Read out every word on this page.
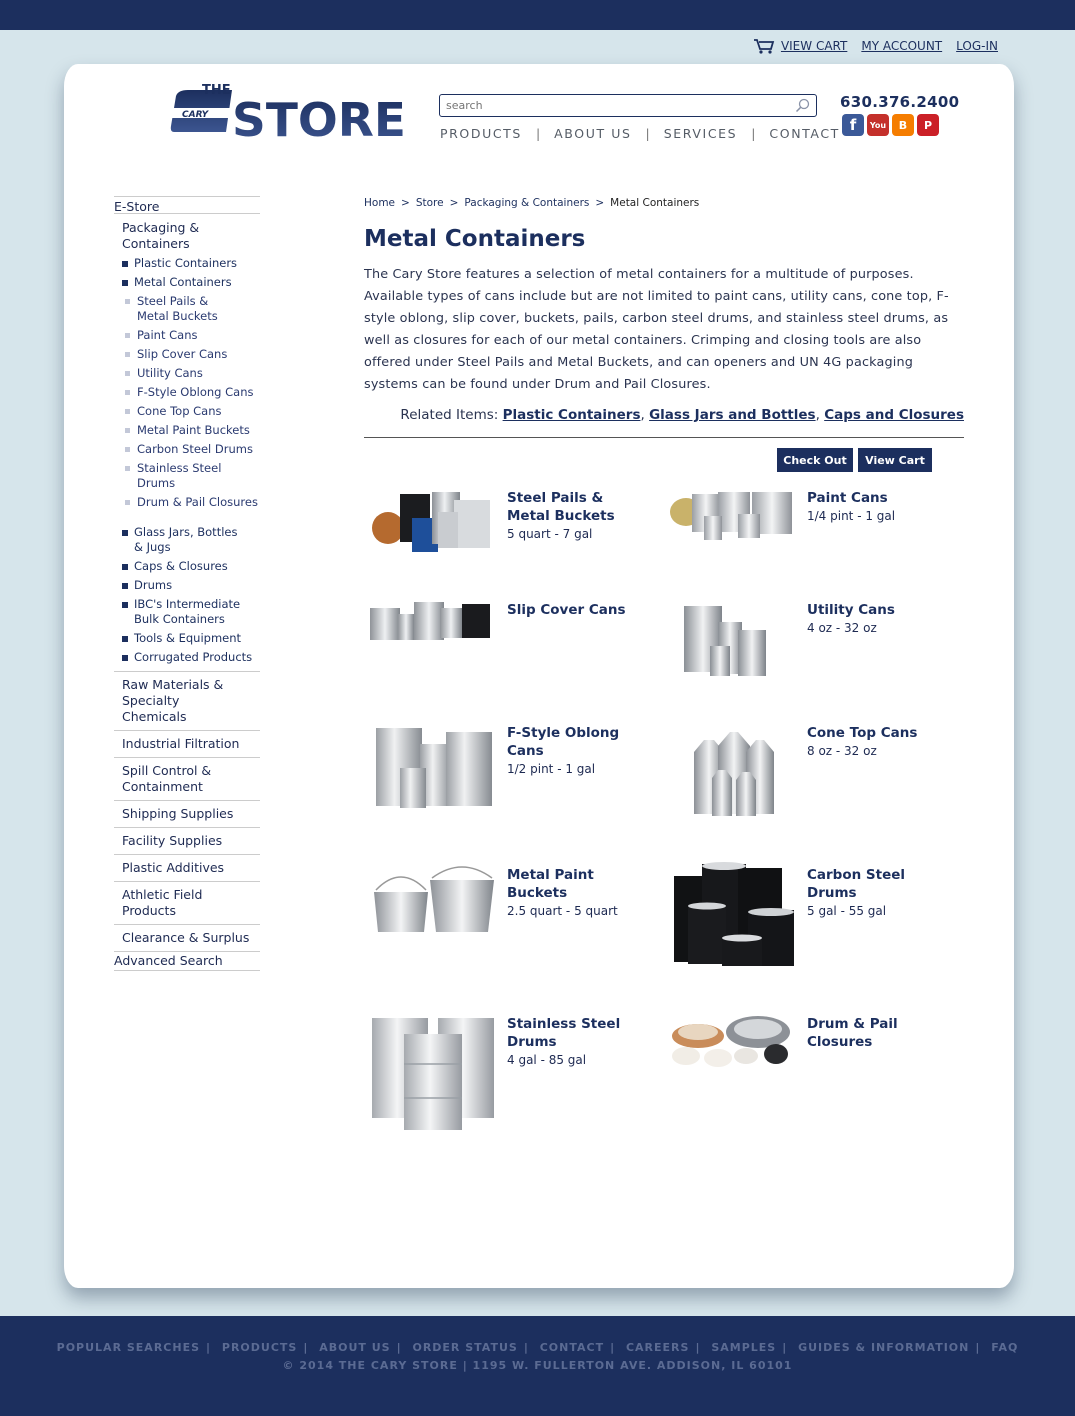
VIEW CART MY ACCOUNT LOG-IN
CARY
THE
STORE
search	PRODUCTS | ABOUT US | SERVICES | CONTACT
630.376.2400
f	You	B	P
E-Store
Packaging & Containers
Plastic Containers
Metal Containers
Steel Pails & Metal Buckets
Paint Cans
Slip Cover Cans
Utility Cans
F-Style Oblong Cans
Cone Top Cans
Metal Paint Buckets
Carbon Steel Drums
Stainless Steel Drums
Drum & Pail Closures
Glass Jars, Bottles & Jugs
Caps & Closures
Drums
IBC's Intermediate Bulk Containers
Tools & Equipment
Corrugated Products
Raw Materials & Specialty Chemicals
Industrial Filtration
Spill Control & Containment
Shipping Supplies
Facility Supplies
Plastic Additives
Athletic Field Products
Clearance & Surplus
Advanced Search
Home > Store > Packaging & Containers > Metal Containers
Metal Containers

The Cary Store features a selection of metal containers for a multitude of purposes. Available types of cans include but are not limited to paint cans, utility cans, cone top, F-style oblong, slip cover, buckets, pails, carbon steel drums, and stainless steel drums, as well as closures for each of our metal containers. Crimping and closing tools are also offered under Steel Pails and Metal Buckets, and can openers and UN 4G packaging systems can be found under Drum and Pail Closures.

Related Items: Plastic Containers, Glass Jars and Bottles, Caps and Closures
Check Out	View Cart
Steel Pails & Metal Buckets
5 quart - 7 gal
Paint Cans
1/4 pint - 1 gal
Slip Cover Cans	Utility Cans
4 oz - 32 oz
F-Style Oblong Cans
1/2 pint - 1 gal
Cone Top Cans
8 oz - 32 oz
Metal Paint Buckets
2.5 quart - 5 quart
Carbon Steel Drums
5 gal - 55 gal
Stainless Steel Drums
4 gal - 85 gal
Drum & Pail Closures
POPULAR SEARCHES | PRODUCTS | ABOUT US | ORDER STATUS | CONTACT | CAREERS | SAMPLES | GUIDES & INFORMATION | FAQ
© 2014 THE CARY STORE | 1195 W. FULLERTON AVE. ADDISON, IL 60101
